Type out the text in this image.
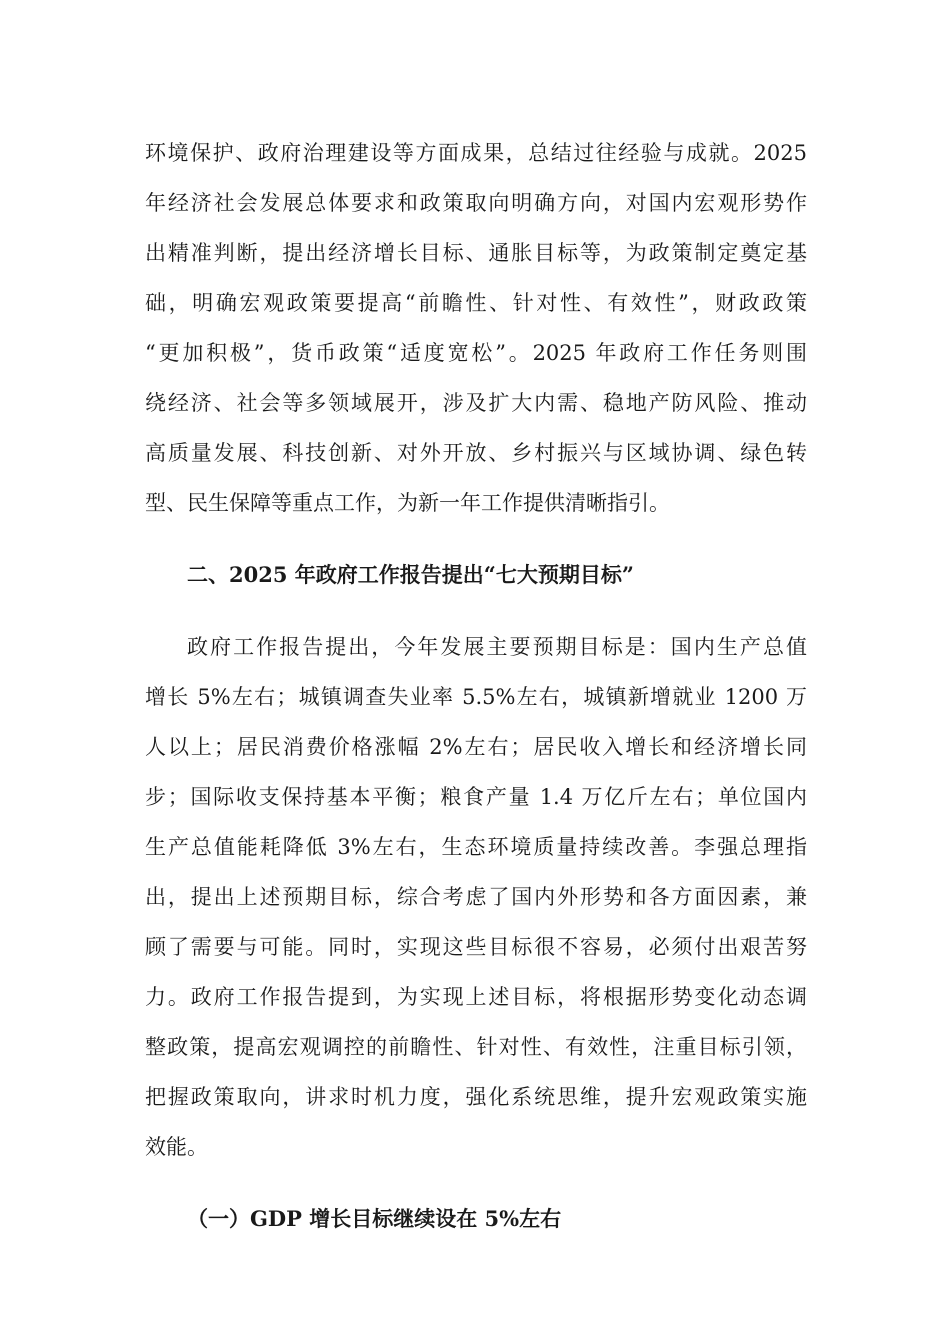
环境保护、政府治理建设等方面成果，总结过往经验与成就。2025
年经济社会发展总体要求和政策取向明确方向，对国内宏观形势作
出精准判断，提出经济增长目标、通胀目标等，为政策制定奠定基
础，明确宏观政策要提高“前瞻性、针对性、有效性”，财政政策
“更加积极”，货币政策“适度宽松”。2025 年政府工作任务则围
绕经济、社会等多领域展开，涉及扩大内需、稳地产防风险、推动
高质量发展、科技创新、对外开放、乡村振兴与区域协调、绿色转
型、民生保障等重点工作，为新一年工作提供清晰指引。
二、2025 年政府工作报告提出“七大预期目标”
政府工作报告提出，今年发展主要预期目标是：国内生产总值
增长 5%左右；城镇调查失业率 5.5%左右，城镇新增就业 1200 万
人以上；居民消费价格涨幅 2%左右；居民收入增长和经济增长同
步；国际收支保持基本平衡；粮食产量 1.4 万亿斤左右；单位国内
生产总值能耗降低 3%左右，生态环境质量持续改善。李强总理指
出，提出上述预期目标，综合考虑了国内外形势和各方面因素，兼
顾了需要与可能。同时，实现这些目标很不容易，必须付出艰苦努
力。政府工作报告提到，为实现上述目标，将根据形势变化动态调
整政策，提高宏观调控的前瞻性、针对性、有效性，注重目标引领，
把握政策取向，讲求时机力度，强化系统思维，提升宏观政策实施
效能。
（一）GDP 增长目标继续设在 5%左右
